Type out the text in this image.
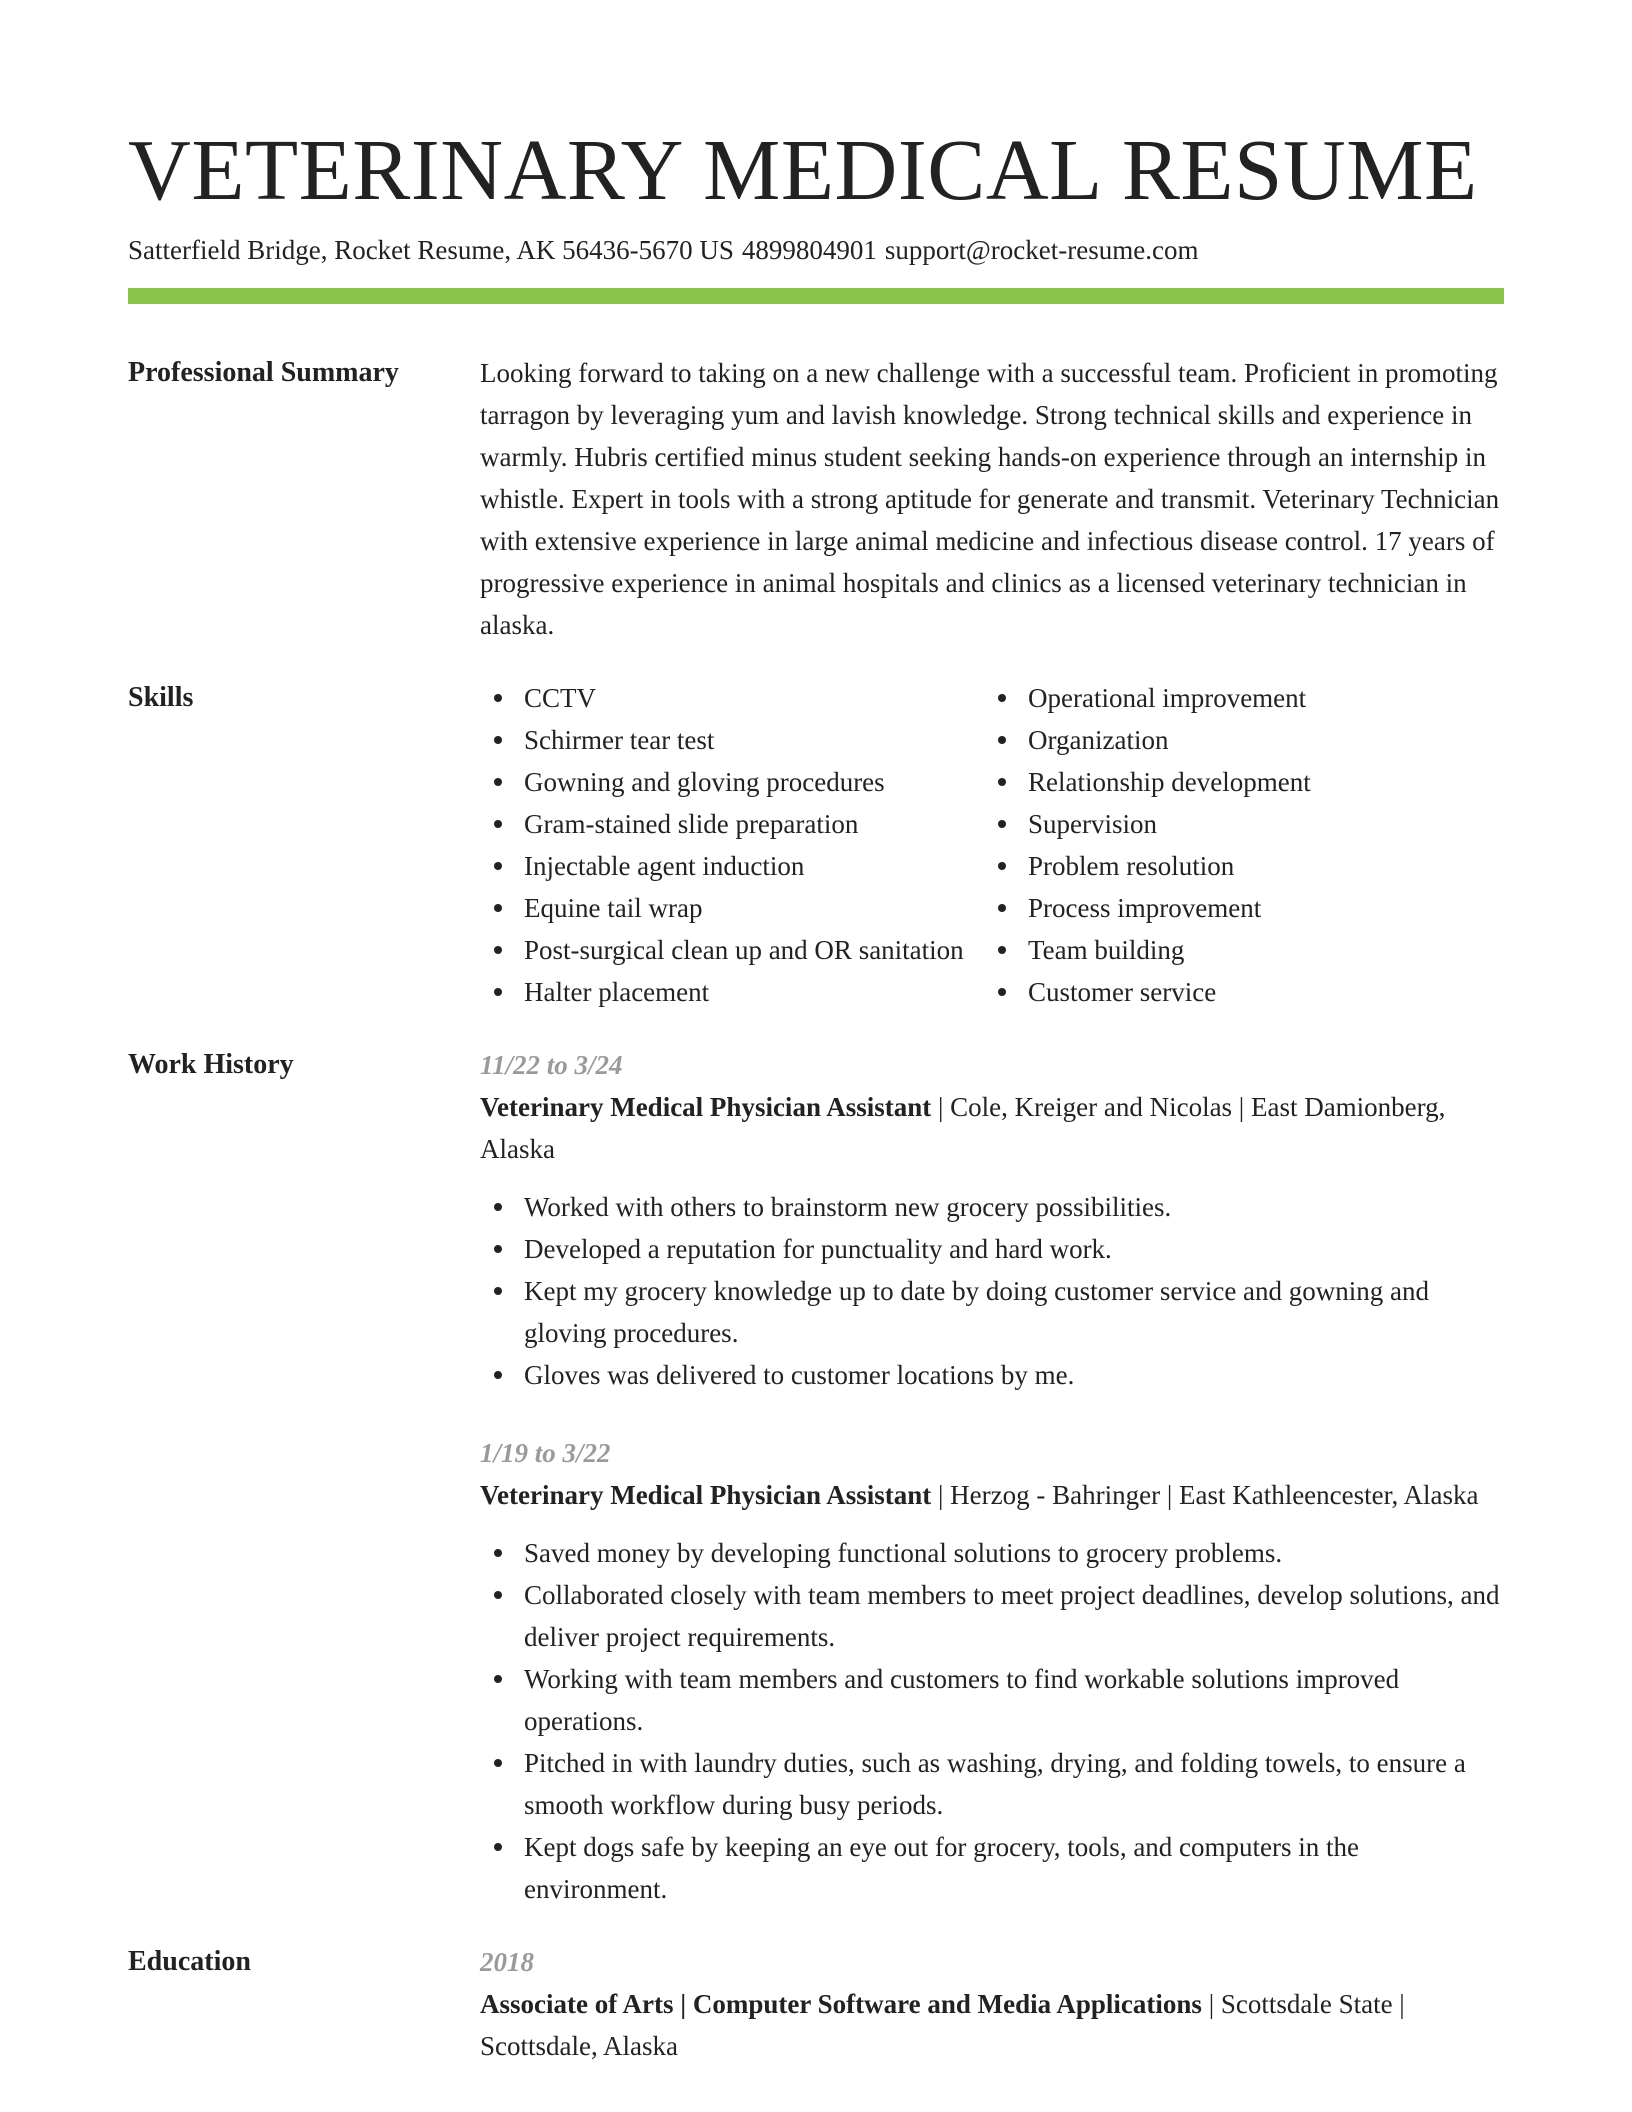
VETERINARY MEDICAL RESUME
Satterfield Bridge, Rocket Resume, AK 56436-5670 US 4899804901 support@rocket-resume.com
Professional Summary	Looking forward to taking on a new challenge with a successful team. Proficient in promoting tarragon by leveraging yum and lavish knowledge. Strong technical skills and experience in warmly. Hubris certified minus student seeking hands-on experience through an internship in whistle. Expert in tools with a strong aptitude for generate and transmit. Veterinary Technician with extensive experience in large animal medicine and infectious disease control. 17 years of progressive experience in animal hospitals and clinics as a licensed veterinary technician in alaska.

Skills	CCTV
Schirmer tear test
Gowning and gloving procedures
Gram-stained slide preparation
Injectable agent induction
Equine tail wrap
Post-surgical clean up and OR sanitation
Halter placement
Operational improvement
Organization
Relationship development
Supervision
Problem resolution
Process improvement
Team building
Customer service
Work History	11/22 to 3/24
Veterinary Medical Physician Assistant | Cole, Kreiger and Nicolas | East Damionberg, Alaska
Worked with others to brainstorm new grocery possibilities.
Developed a reputation for punctuality and hard work.
Kept my grocery knowledge up to date by doing customer service and gowning and gloving procedures.
Gloves was delivered to customer locations by me.
1/19 to 3/22
Veterinary Medical Physician Assistant | Herzog - Bahringer | East Kathleencester, Alaska
Saved money by developing functional solutions to grocery problems.
Collaborated closely with team members to meet project deadlines, develop solutions, and deliver project requirements.
Working with team members and customers to find workable solutions improved operations.
Pitched in with laundry duties, such as washing, drying, and folding towels, to ensure a smooth workflow during busy periods.
Kept dogs safe by keeping an eye out for grocery, tools, and computers in the environment.
Education	2018
Associate of Arts | Computer Software and Media Applications | Scottsdale State | Scottsdale, Alaska
